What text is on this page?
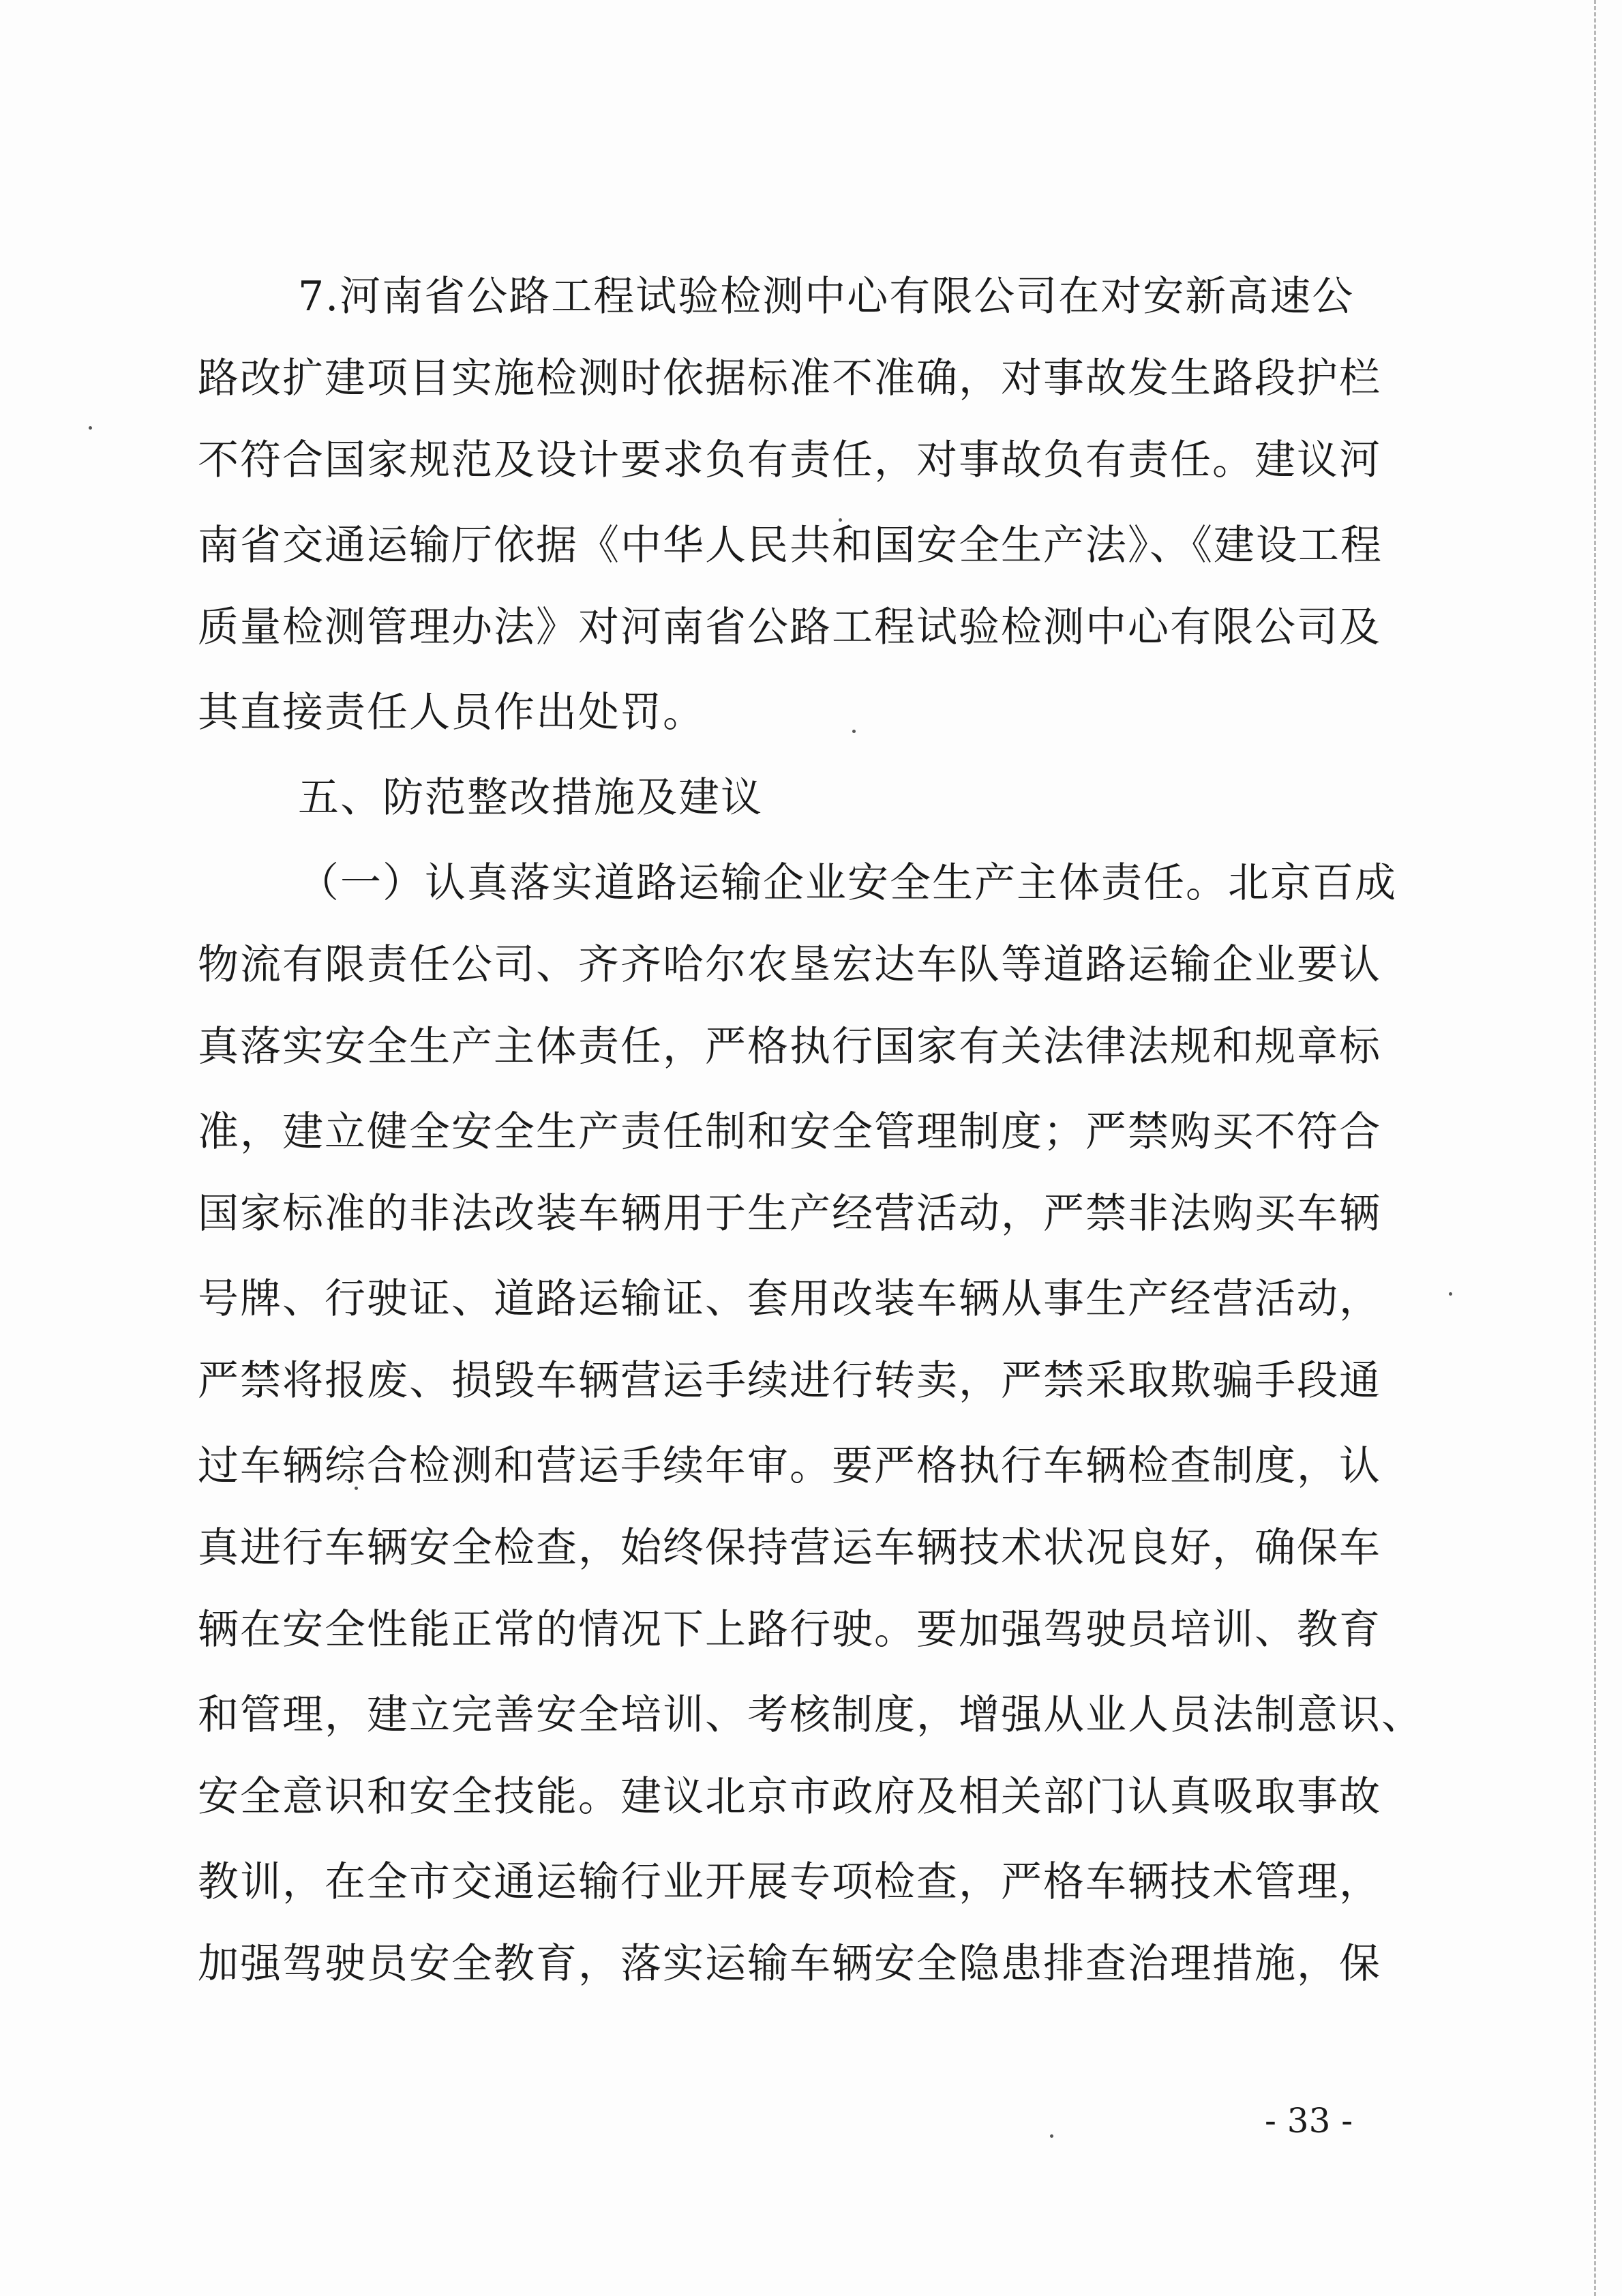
7.河南省公路工程试验检测中心有限公司在对安新高速公
路改扩建项目实施检测时依据标准不准确，对事故发生路段护栏
不符合国家规范及设计要求负有责任，对事故负有责任。建议河
南省交通运输厅依据《中华人民共和国安全生产法》、《建设工程
质量检测管理办法》对河南省公路工程试验检测中心有限公司及
其直接责任人员作出处罚。
五、防范整改措施及建议
（一）认真落实道路运输企业安全生产主体责任。北京百成
物流有限责任公司、齐齐哈尔农垦宏达车队等道路运输企业要认
真落实安全生产主体责任，严格执行国家有关法律法规和规章标
准，建立健全安全生产责任制和安全管理制度；严禁购买不符合
国家标准的非法改装车辆用于生产经营活动，严禁非法购买车辆
号牌、行驶证、道路运输证、套用改装车辆从事生产经营活动，
严禁将报废、损毁车辆营运手续进行转卖，严禁采取欺骗手段通
过车辆综合检测和营运手续年审。要严格执行车辆检查制度，认
真进行车辆安全检查，始终保持营运车辆技术状况良好，确保车
辆在安全性能正常的情况下上路行驶。要加强驾驶员培训、教育
和管理，建立完善安全培训、考核制度，增强从业人员法制意识、
安全意识和安全技能。建议北京市政府及相关部门认真吸取事故
教训，在全市交通运输行业开展专项检查，严格车辆技术管理，
加强驾驶员安全教育，落实运输车辆安全隐患排查治理措施，保
- 33 -
